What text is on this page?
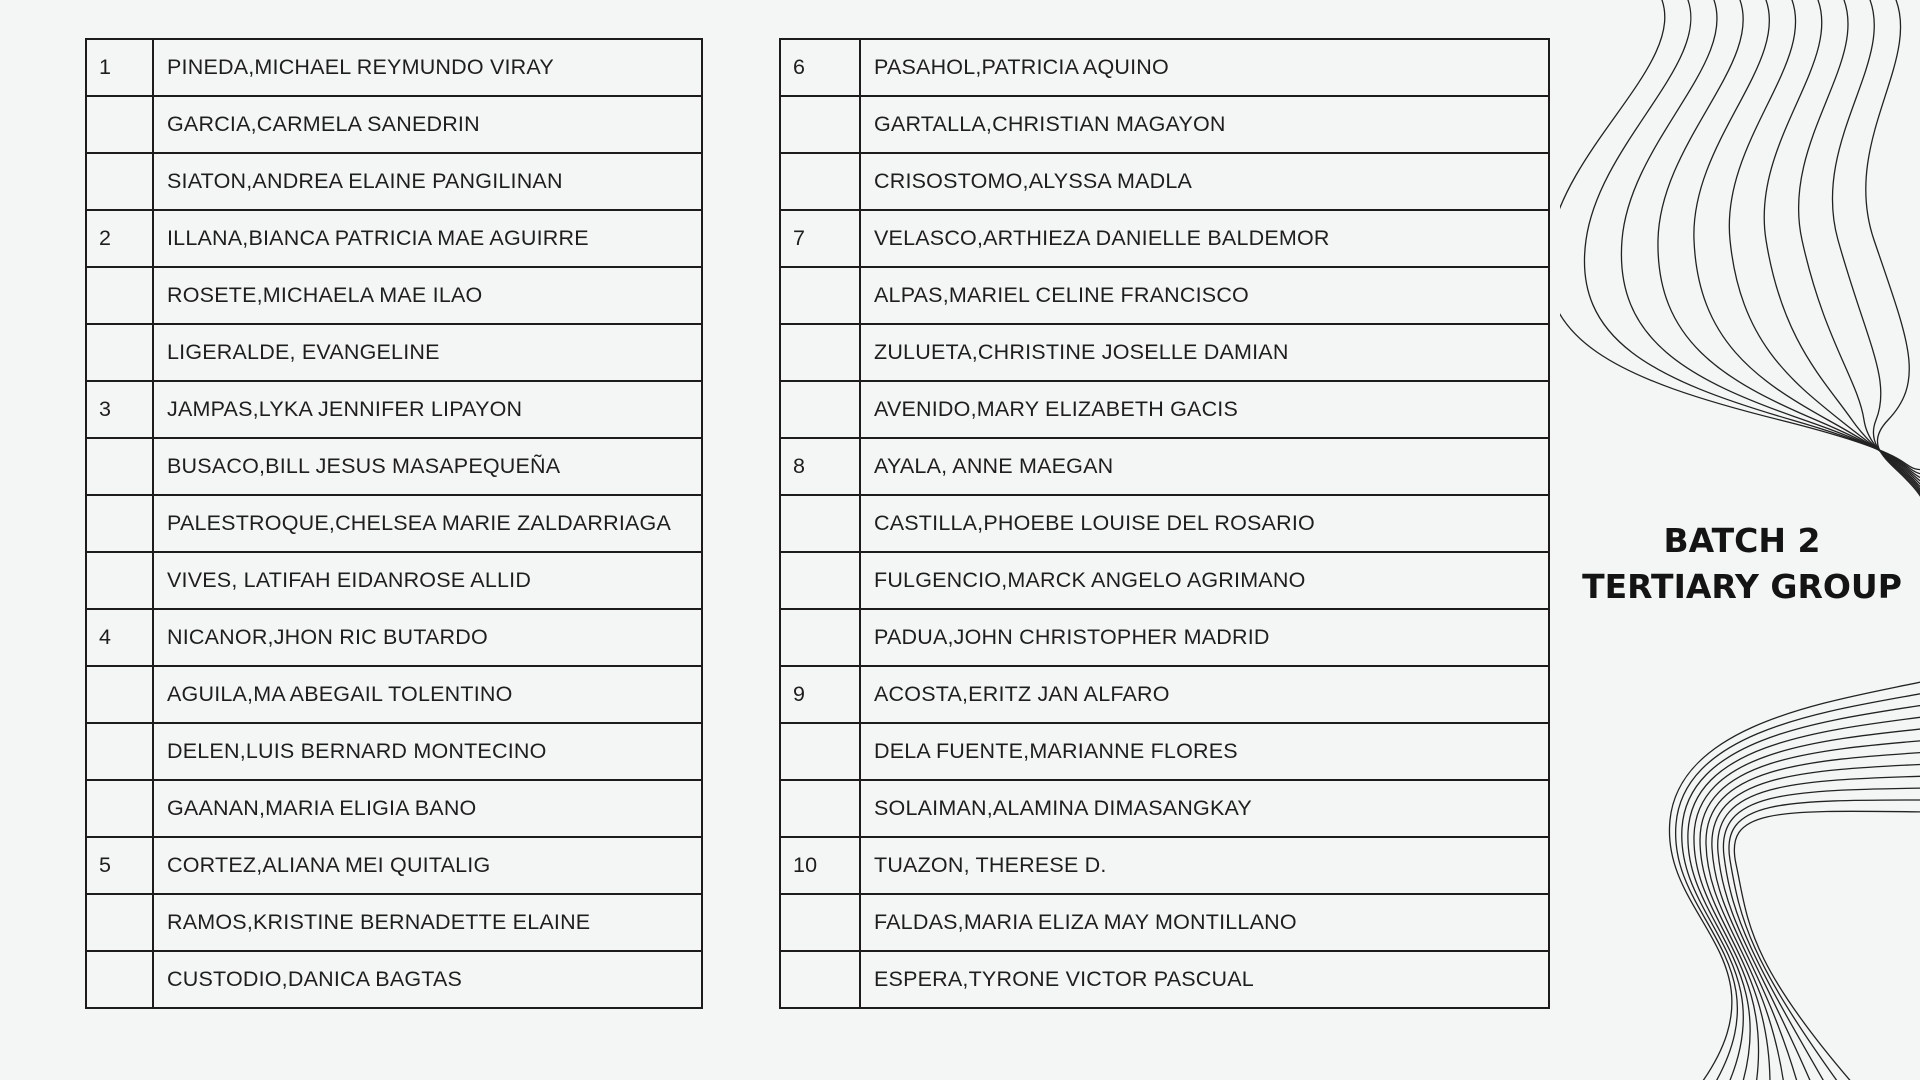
1	PINEDA,MICHAEL REYMUNDO VIRAY
	GARCIA,CARMELA SANEDRIN
	SIATON,ANDREA ELAINE PANGILINAN
2	ILLANA,BIANCA PATRICIA MAE AGUIRRE
	ROSETE,MICHAELA MAE ILAO
	LIGERALDE, EVANGELINE
3	JAMPAS,LYKA JENNIFER LIPAYON
	BUSACO,BILL JESUS MASAPEQUEÑA
	PALESTROQUE,CHELSEA MARIE ZALDARRIAGA
	VIVES, LATIFAH EIDANROSE ALLID
4	NICANOR,JHON RIC BUTARDO
	AGUILA,MA ABEGAIL TOLENTINO
	DELEN,LUIS BERNARD MONTECINO
	GAANAN,MARIA ELIGIA BANO
5	CORTEZ,ALIANA MEI QUITALIG
	RAMOS,KRISTINE BERNADETTE ELAINE
	CUSTODIO,DANICA BAGTAS
6	PASAHOL,PATRICIA AQUINO
	GARTALLA,CHRISTIAN MAGAYON
	CRISOSTOMO,ALYSSA MADLA
7	VELASCO,ARTHIEZA DANIELLE BALDEMOR
	ALPAS,MARIEL CELINE FRANCISCO
	ZULUETA,CHRISTINE JOSELLE DAMIAN
	AVENIDO,MARY ELIZABETH GACIS
8	AYALA, ANNE MAEGAN
	CASTILLA,PHOEBE LOUISE DEL ROSARIO
	FULGENCIO,MARCK ANGELO AGRIMANO
	PADUA,JOHN CHRISTOPHER MADRID
9	ACOSTA,ERITZ JAN ALFARO
	DELA FUENTE,MARIANNE FLORES
	SOLAIMAN,ALAMINA DIMASANGKAY
10	TUAZON, THERESE D.
	FALDAS,MARIA ELIZA MAY MONTILLANO
	ESPERA,TYRONE VICTOR PASCUAL
BATCH 2
TERTIARY GROUP
